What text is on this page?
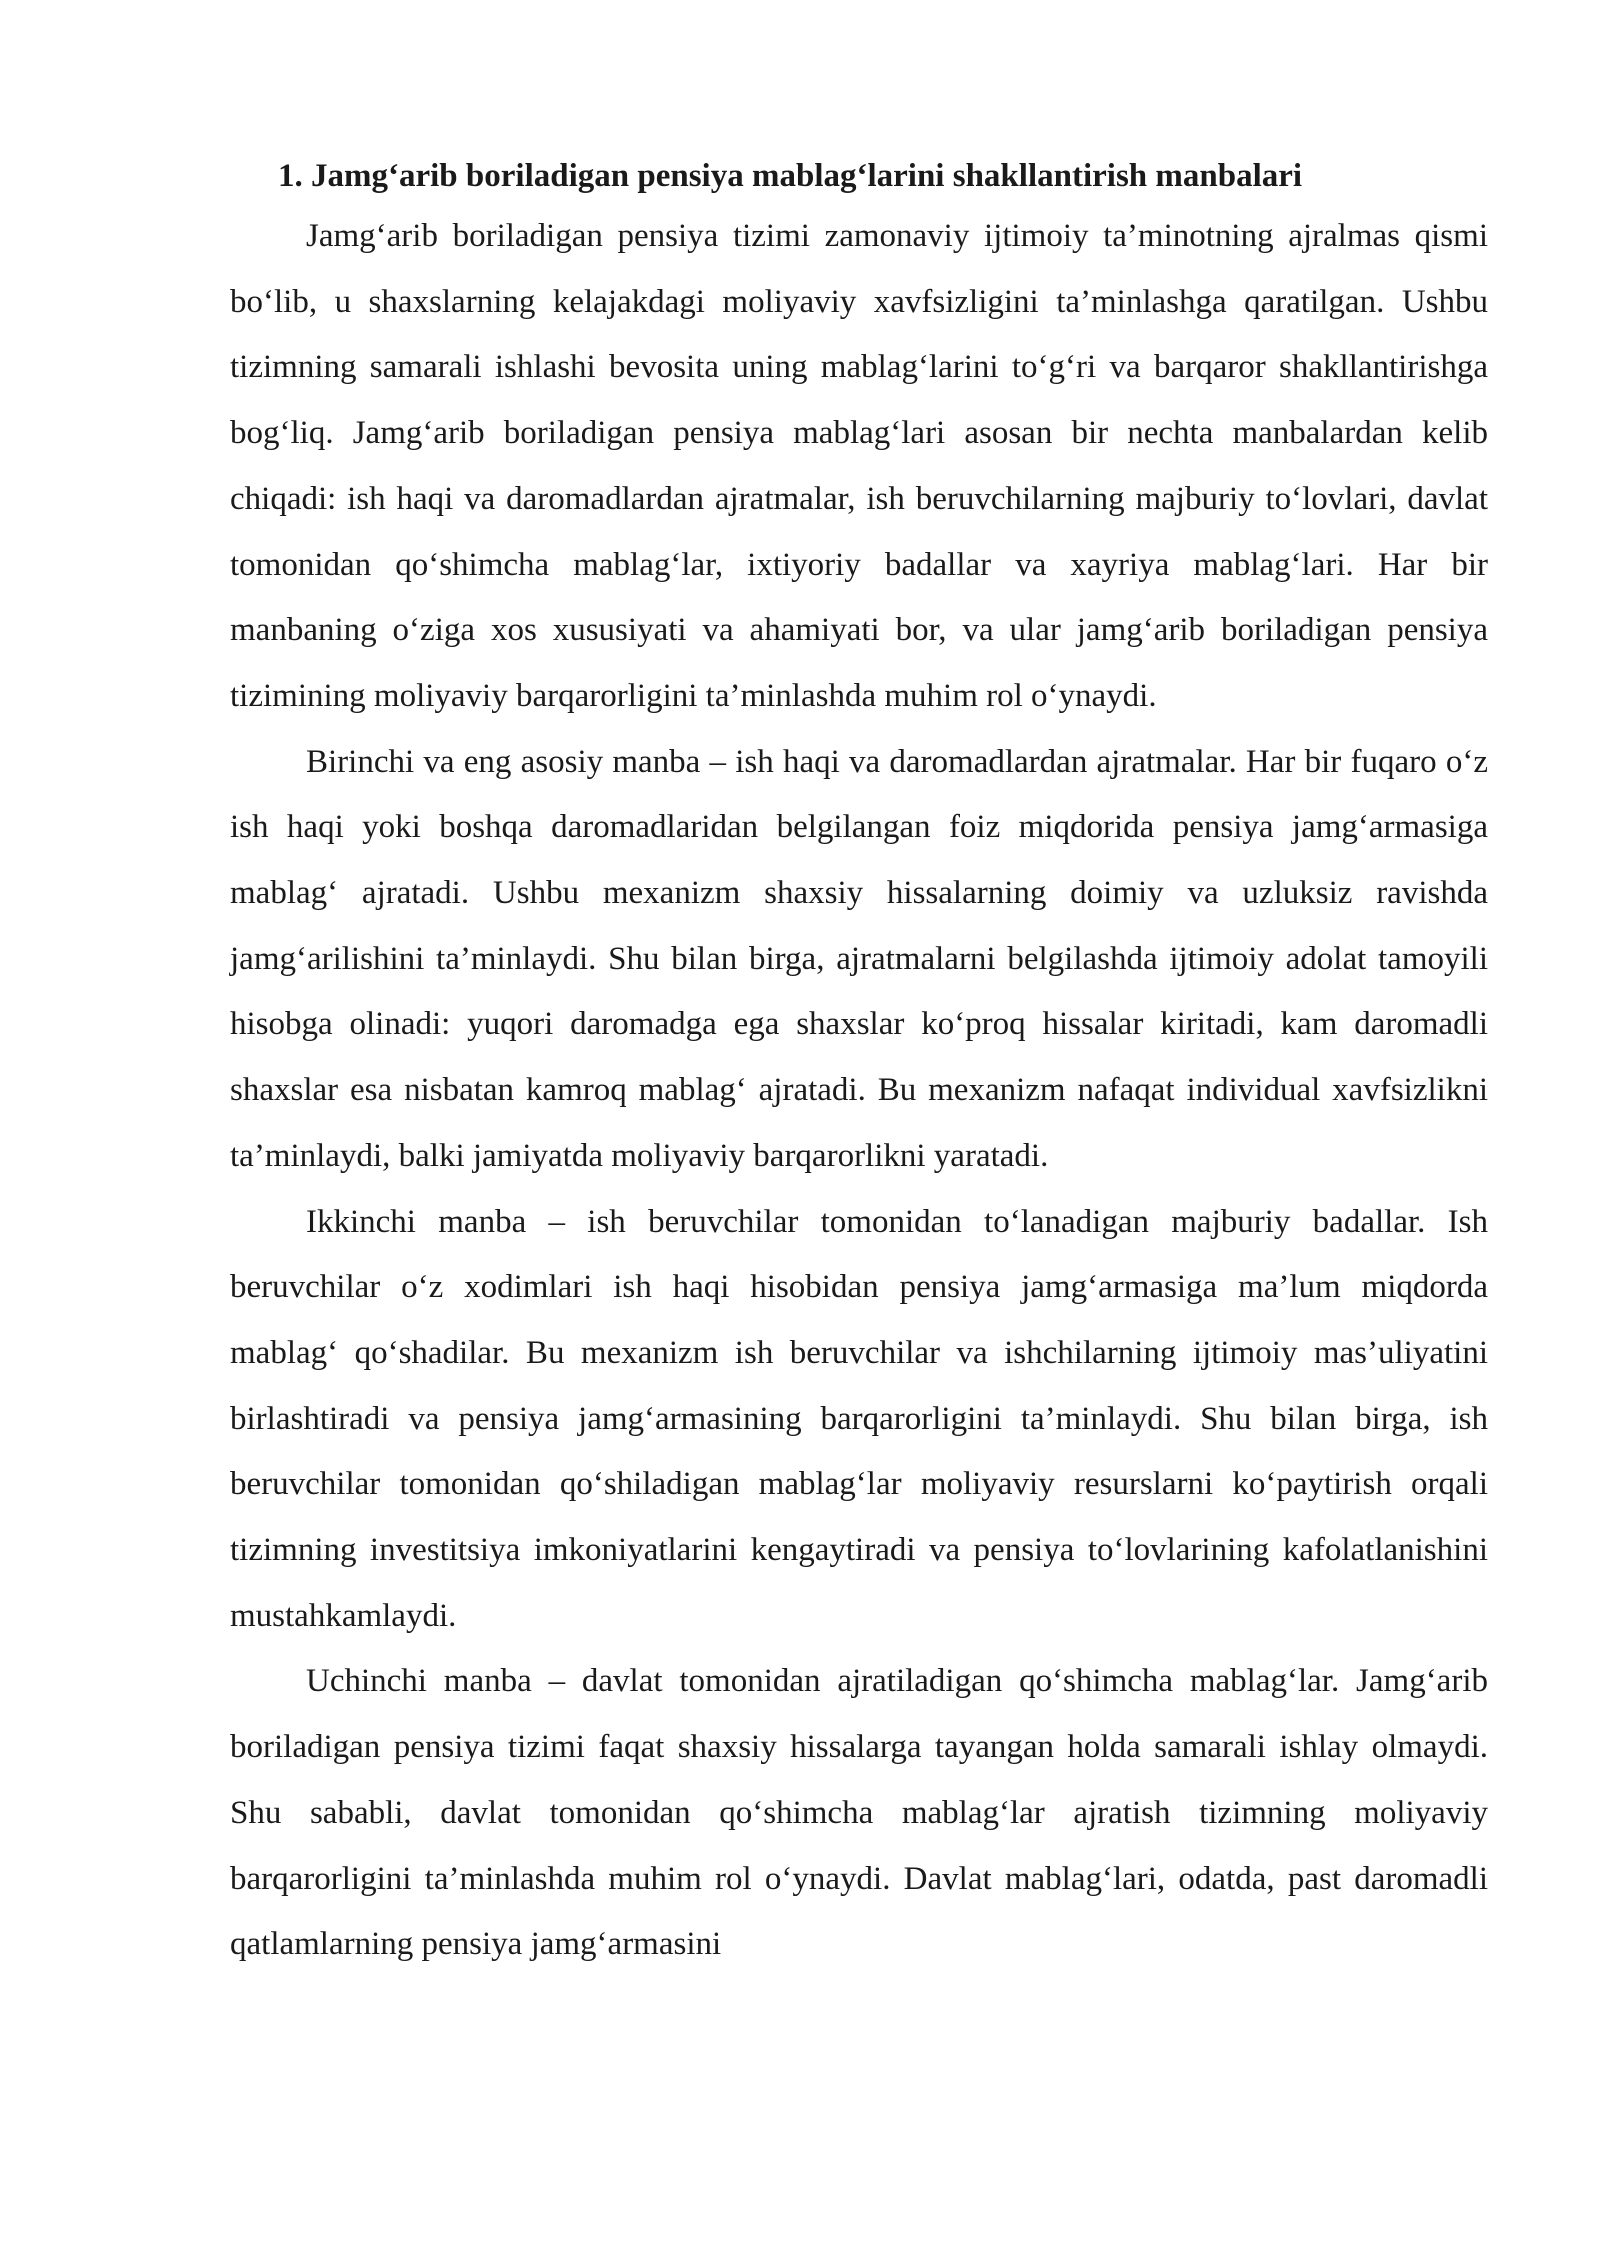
1. Jamg‘arib boriladigan pensiya mablag‘larini shakllantirish manbalari

Jamg‘arib boriladigan pensiya tizimi zamonaviy ijtimoiy ta’minotning ajralmas qismi bo‘lib, u shaxslarning kelajakdagi moliyaviy xavfsizligini ta’minlashga qaratilgan. Ushbu tizimning samarali ishlashi bevosita uning mablag‘larini to‘g‘ri va barqaror shakllantirishga bog‘liq. Jamg‘arib boriladigan pensiya mablag‘lari asosan bir nechta manbalardan kelib chiqadi: ish haqi va daromadlardan ajratmalar, ish beruvchilarning majburiy to‘lovlari, davlat tomonidan qo‘shimcha mablag‘lar, ixtiyoriy badallar va xayriya mablag‘lari. Har bir manbaning o‘ziga xos xususiyati va ahamiyati bor, va ular jamg‘arib boriladigan pensiya tizimining moliyaviy barqarorligini ta’minlashda muhim rol o‘ynaydi.

Birinchi va eng asosiy manba – ish haqi va daromadlardan ajratmalar. Har bir fuqaro o‘z ish haqi yoki boshqa daromadlaridan belgilangan foiz miqdorida pensiya jamg‘armasiga mablag‘ ajratadi. Ushbu mexanizm shaxsiy hissalarning doimiy va uzluksiz ravishda jamg‘arilishini ta’minlaydi. Shu bilan birga, ajratmalarni belgilashda ijtimoiy adolat tamoyili hisobga olinadi: yuqori daromadga ega shaxslar ko‘proq hissalar kiritadi, kam daromadli shaxslar esa nisbatan kamroq mablag‘ ajratadi. Bu mexanizm nafaqat individual xavfsizlikni ta’minlaydi, balki jamiyatda moliyaviy barqarorlikni yaratadi.

Ikkinchi manba – ish beruvchilar tomonidan to‘lanadigan majburiy badallar. Ish beruvchilar o‘z xodimlari ish haqi hisobidan pensiya jamg‘armasiga ma’lum miqdorda mablag‘ qo‘shadilar. Bu mexanizm ish beruvchilar va ishchilarning ijtimoiy mas’uliyatini birlashtiradi va pensiya jamg‘armasining barqarorligini ta’minlaydi. Shu bilan birga, ish beruvchilar tomonidan qo‘shiladigan mablag‘lar moliyaviy resurslarni ko‘paytirish orqali tizimning investitsiya imkoniyatlarini kengaytiradi va pensiya to‘lovlarining kafolatlanishini mustahkamlaydi.

Uchinchi manba – davlat tomonidan ajratiladigan qo‘shimcha mablag‘lar. Jamg‘arib boriladigan pensiya tizimi faqat shaxsiy hissalarga tayangan holda samarali ishlay olmaydi. Shu sababli, davlat tomonidan qo‘shimcha mablag‘lar ajratish tizimning moliyaviy barqarorligini ta’minlashda muhim rol o‘ynaydi. Davlat mablag‘lari, odatda, past daromadli qatlamlarning pensiya jamg‘armasini
